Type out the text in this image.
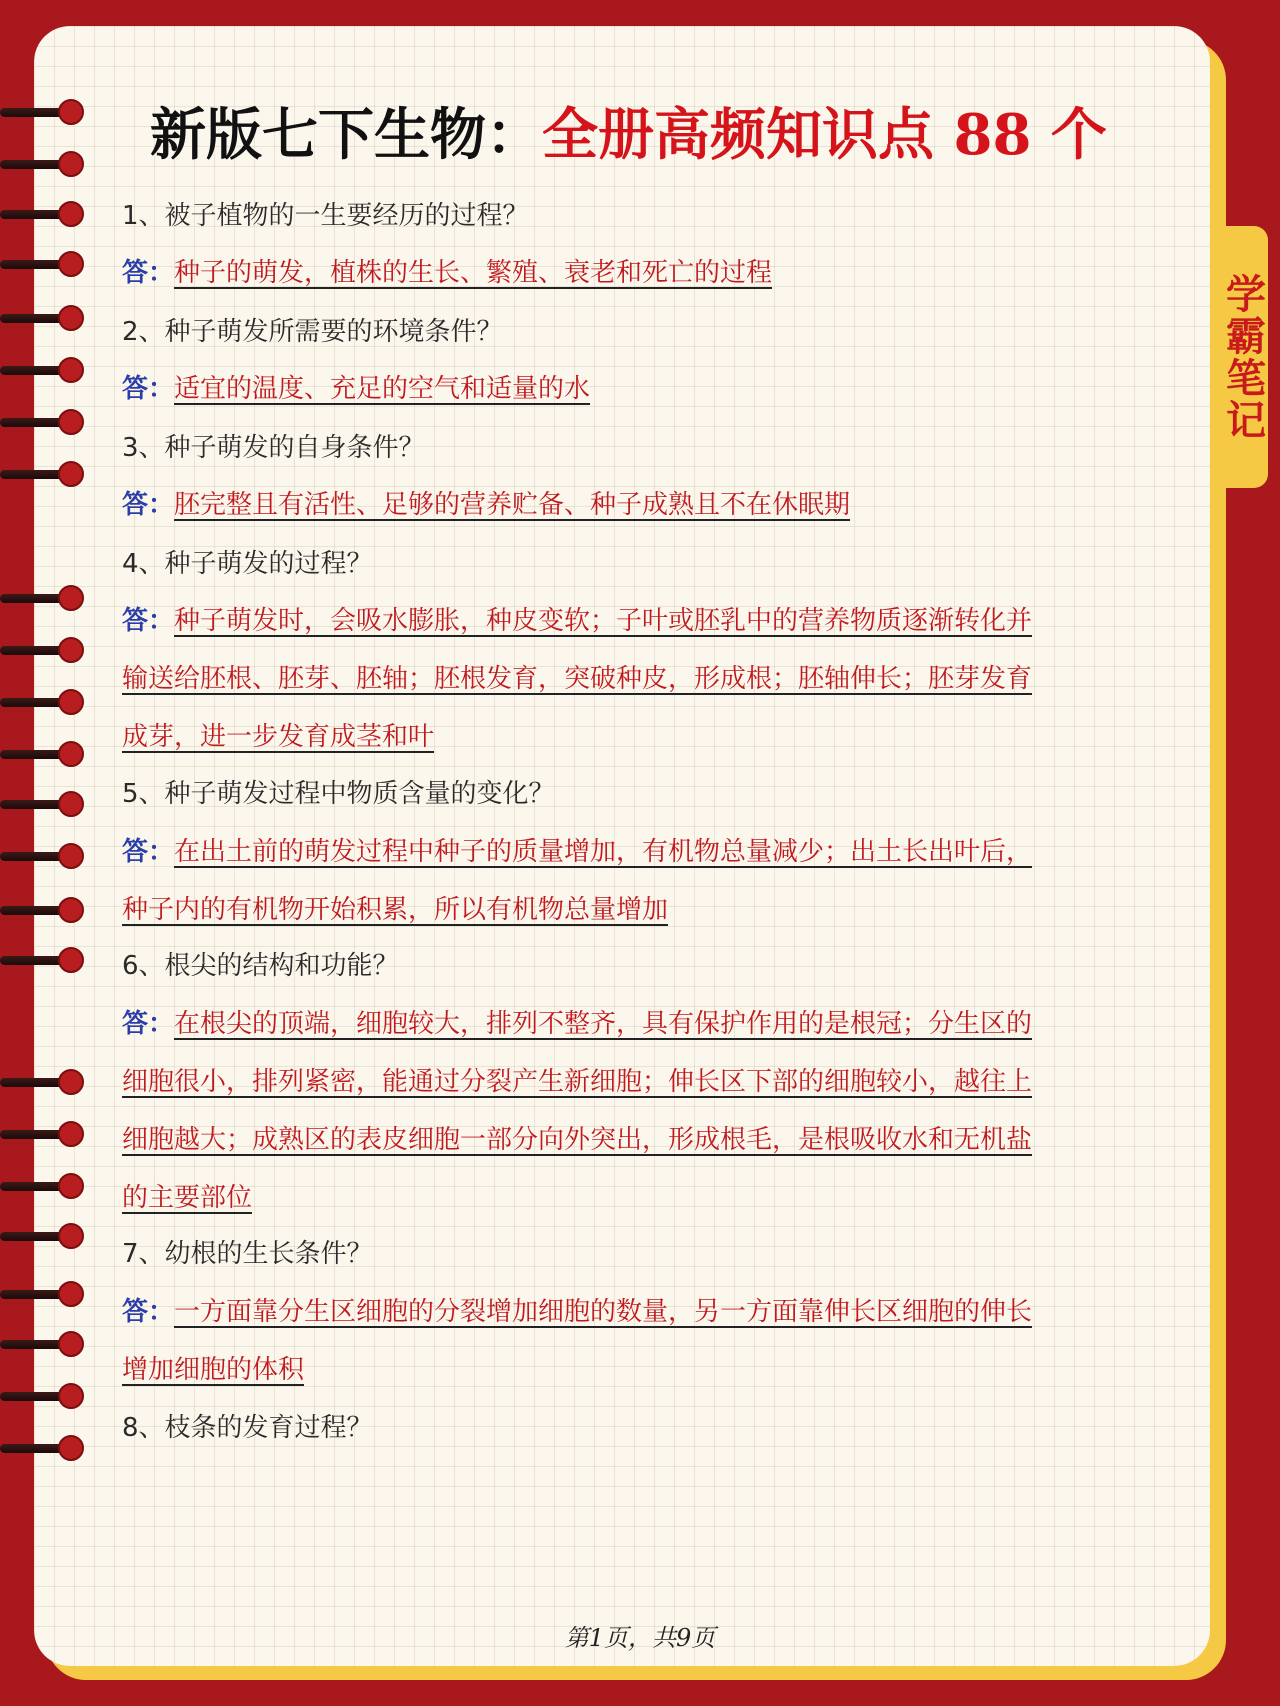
学霸笔记
新版七下生物：全册高频知识点 88 个
1、被子植物的一生要经历的过程？
答：种子的萌发，植株的生长、繁殖、衰老和死亡的过程
2、种子萌发所需要的环境条件？
答：适宜的温度、充足的空气和适量的水
3、种子萌发的自身条件？
答：胚完整且有活性、足够的营养贮备、种子成熟且不在休眠期
4、种子萌发的过程？
答：种子萌发时，会吸水膨胀，种皮变软；子叶或胚乳中的营养物质逐渐转化并
输送给胚根、胚芽、胚轴；胚根发育，突破种皮，形成根；胚轴伸长；胚芽发育
成芽，进一步发育成茎和叶
5、种子萌发过程中物质含量的变化？
答：在出土前的萌发过程中种子的质量增加，有机物总量减少；出土长出叶后，
种子内的有机物开始积累，所以有机物总量增加
6、根尖的结构和功能？
答：在根尖的顶端，细胞较大，排列不整齐，具有保护作用的是根冠；分生区的
细胞很小，排列紧密，能通过分裂产生新细胞；伸长区下部的细胞较小，越往上
细胞越大；成熟区的表皮细胞一部分向外突出，形成根毛，是根吸收水和无机盐
的主要部位
7、幼根的生长条件？
答：一方面靠分生区细胞的分裂增加细胞的数量，另一方面靠伸长区细胞的伸长
增加细胞的体积
8、枝条的发育过程？
第1页，共9页
